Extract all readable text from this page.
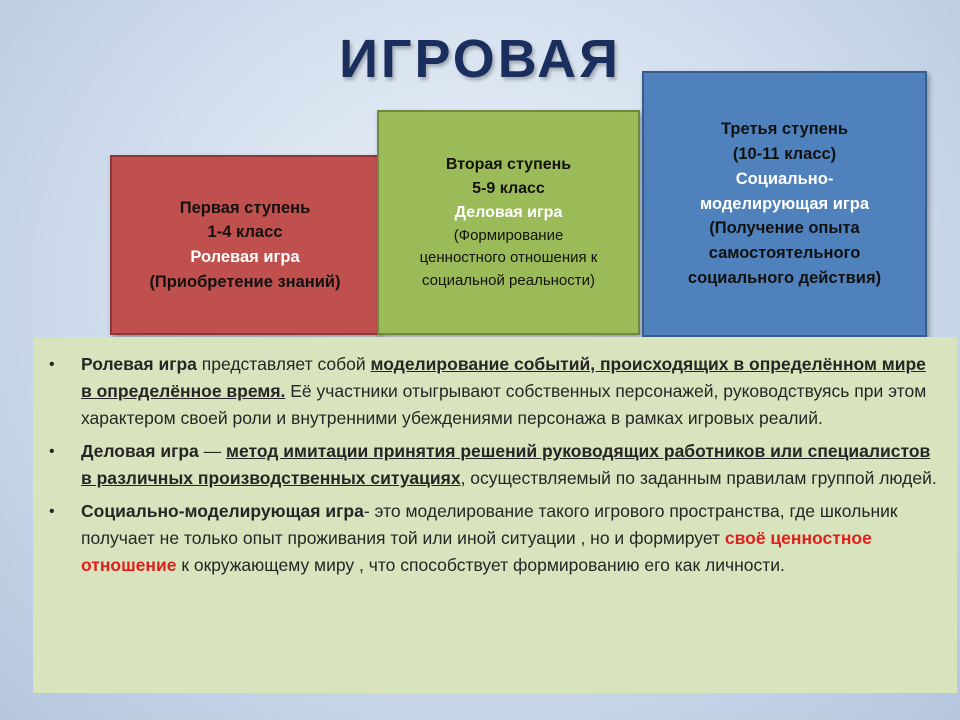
ИГРОВАЯ
Первая ступень
1-4 класс
Ролевая игра
(Приобретение знаний)
Вторая ступень
5-9 класс
Деловая игра
(Формирование
ценностного отношения к
социальной реальности)
Третья ступень
(10-11 класс)
Социально-
моделирующая игра
(Получение опыта
самостоятельного
социального действия)
• Ролевая игра представляет собой моделирование событий, происходящих в определённом мире в определённое время. Её участники отыгрывают собственных персонажей, руководствуясь при этом характером своей роли и внутренними убеждениями персонажа в рамках игровых реалий.
• Деловая игра — метод имитации принятия решений руководящих работников или специалистов в различных производственных ситуациях, осуществляемый по заданным правилам группой людей.
• Социально-моделирующая игра- это моделирование такого игрового пространства, где школьник получает не только опыт проживания той или иной ситуации , но и формирует своё ценностное отношение к окружающему миру , что способствует формированию его как личности.
